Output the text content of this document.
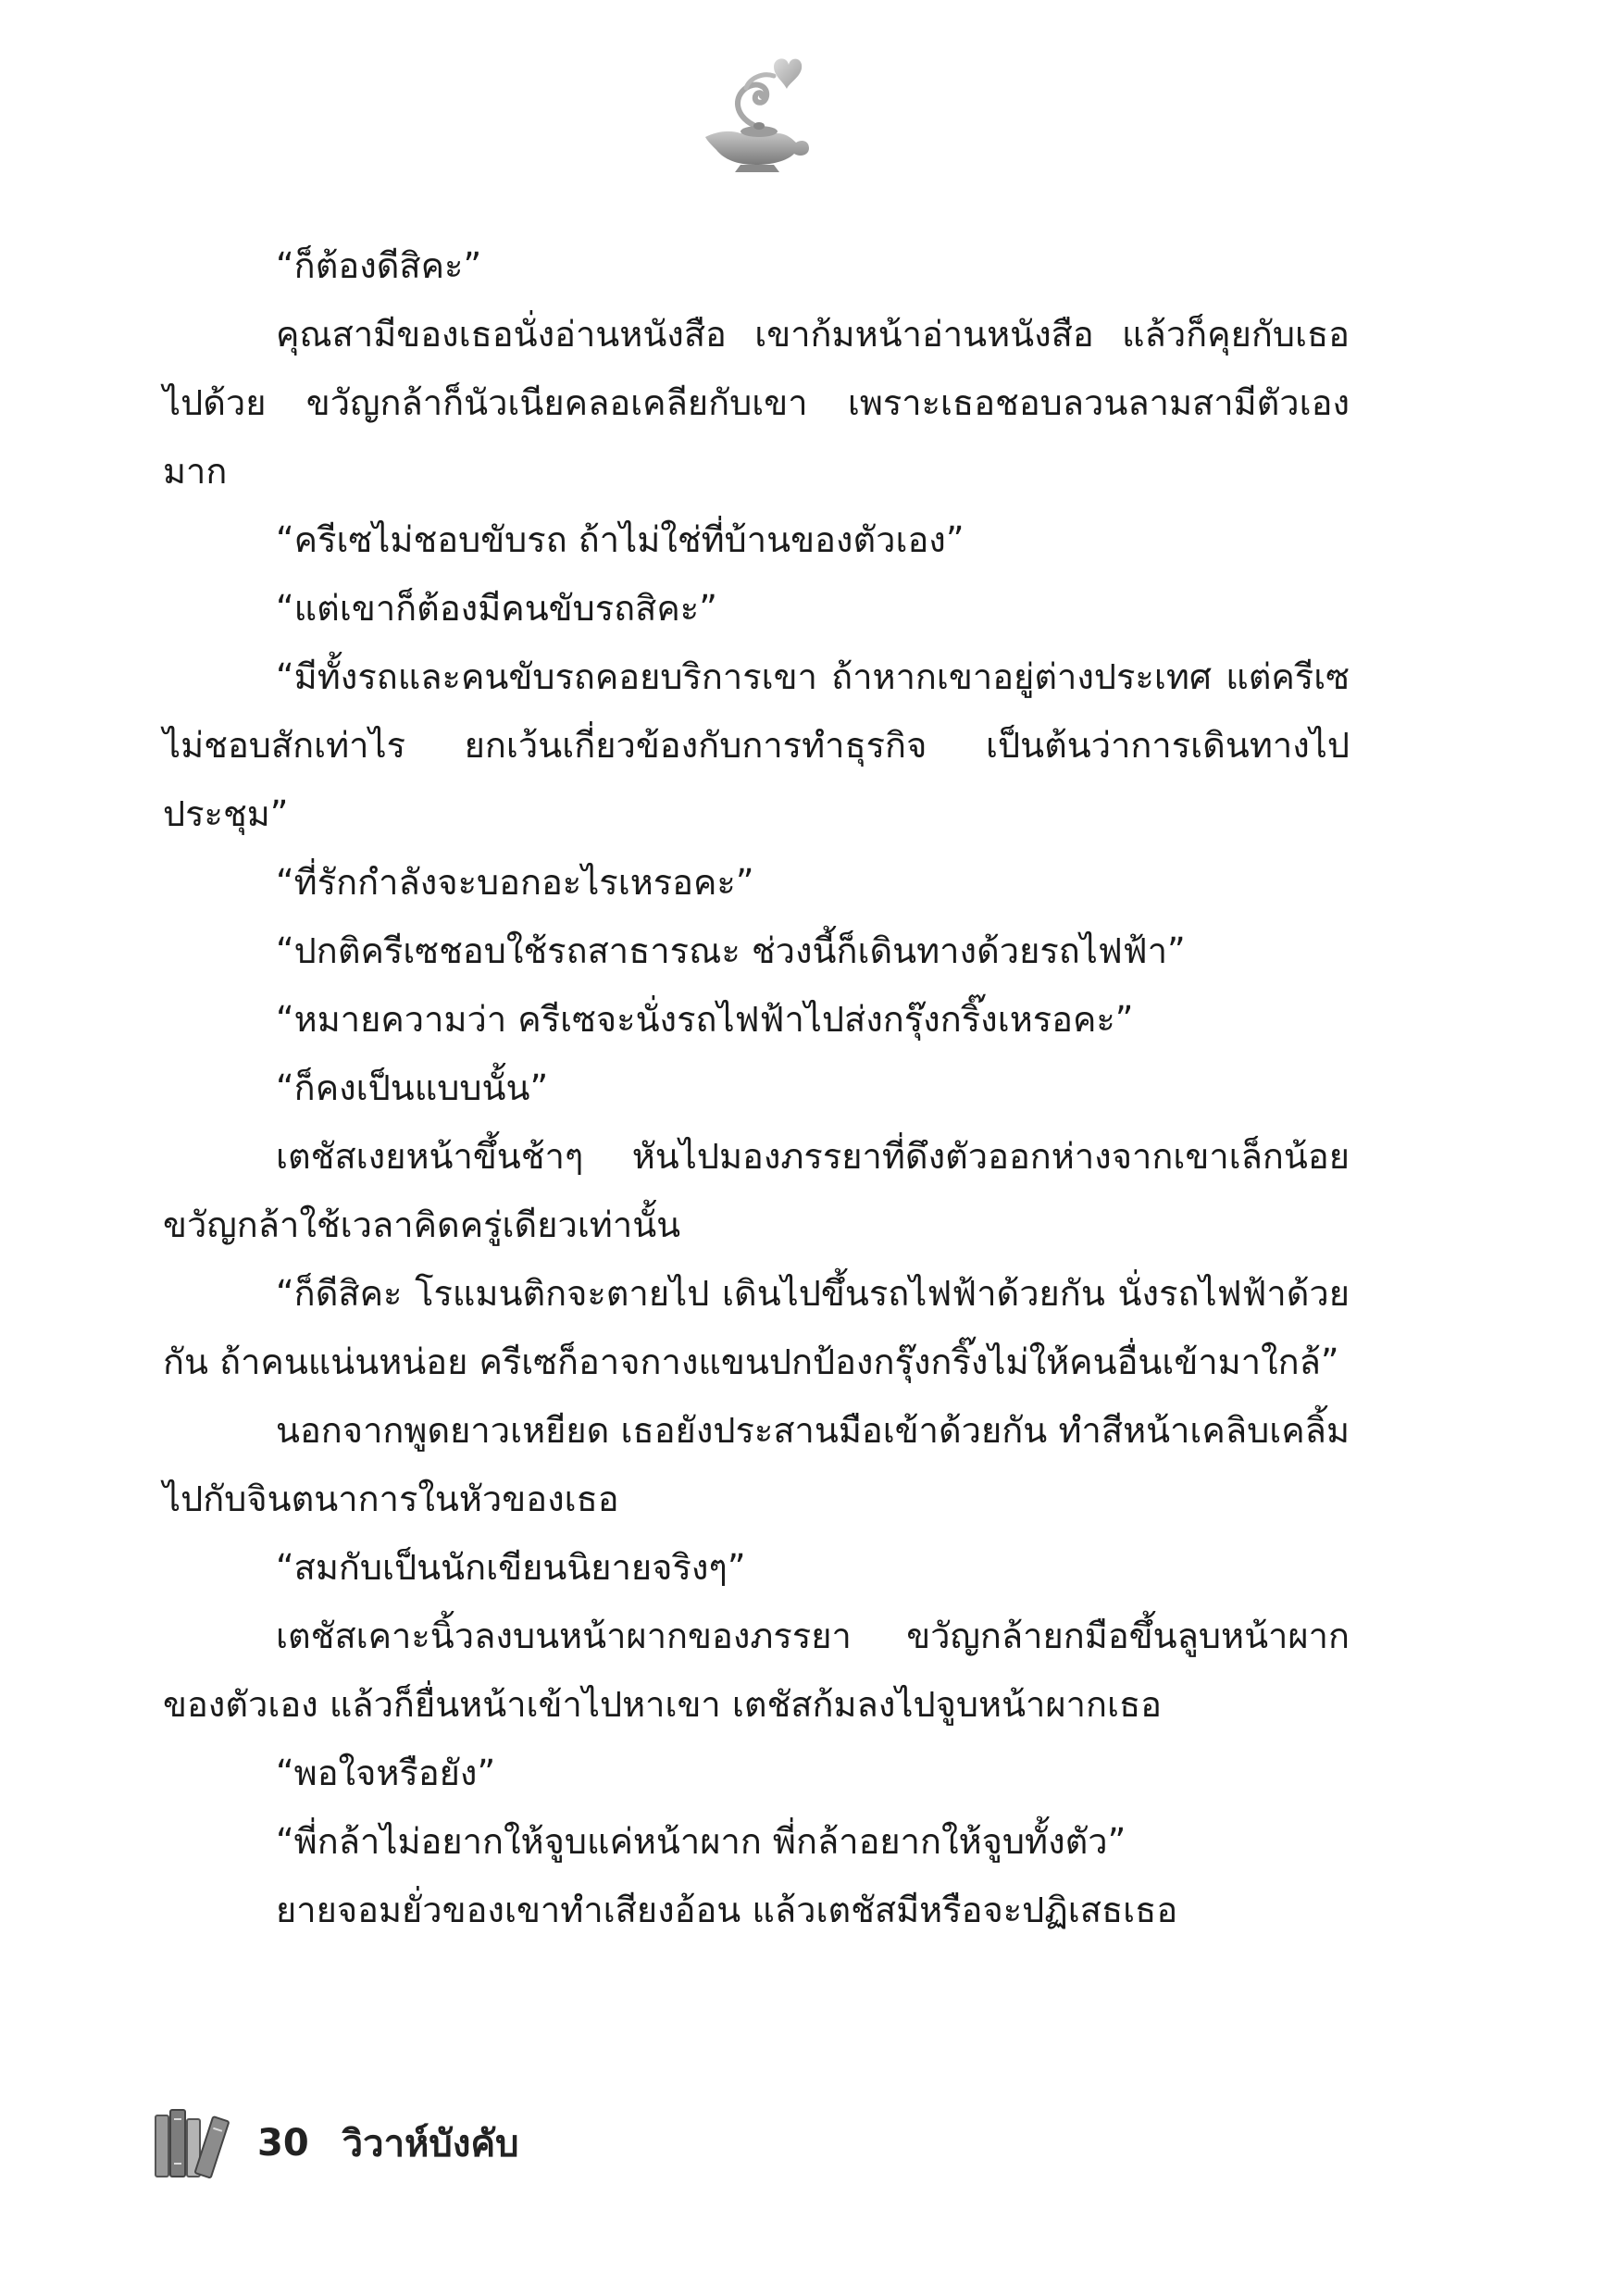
“ก็ต้องดีสิคะ”

คุณสามีของเธอนั่งอ่านหนังสือ เขาก้มหน้าอ่านหนังสือ แล้วก็คุยกับเธอไปด้วย ขวัญกล้าก็นัวเนียคลอเคลียกับเขา เพราะเธอชอบลวนลามสามีตัวเองมาก

“ครีเซไม่ชอบขับรถ ถ้าไม่ใช่ที่บ้านของตัวเอง”

“แต่เขาก็ต้องมีคนขับรถสิคะ”

“มีทั้งรถและคนขับรถคอยบริการเขา ถ้าหากเขาอยู่ต่างประเทศ แต่ครีเซไม่ชอบสักเท่าไร ยกเว้นเกี่ยวข้องกับการทำธุรกิจ เป็นต้นว่าการเดินทางไปประชุม”

“ที่รักกำลังจะบอกอะไรเหรอคะ”

“ปกติครีเซชอบใช้รถสาธารณะ ช่วงนี้ก็เดินทางด้วยรถไฟฟ้า”

“หมายความว่า ครีเซจะนั่งรถไฟฟ้าไปส่งกรุ๊งกริ๊งเหรอคะ”

“ก็คงเป็นแบบนั้น”

เตชัสเงยหน้าขึ้นช้าๆ หันไปมองภรรยาที่ดึงตัวออกห่างจากเขาเล็กน้อย ขวัญกล้าใช้เวลาคิดครู่เดียวเท่านั้น

“ก็ดีสิคะ โรแมนติกจะตายไป เดินไปขึ้นรถไฟฟ้าด้วยกัน นั่งรถไฟฟ้าด้วยกัน ถ้าคนแน่นหน่อย ครีเซก็อาจกางแขนปกป้องกรุ๊งกริ๊งไม่ให้คนอื่นเข้ามาใกล้”

นอกจากพูดยาวเหยียด เธอยังประสานมือเข้าด้วยกัน ทำสีหน้าเคลิบเคลิ้มไปกับจินตนาการในหัวของเธอ

“สมกับเป็นนักเขียนนิยายจริงๆ”

เตชัสเคาะนิ้วลงบนหน้าผากของภรรยา ขวัญกล้ายกมือขึ้นลูบหน้าผากของตัวเอง แล้วก็ยื่นหน้าเข้าไปหาเขา เตชัสก้มลงไปจูบหน้าผากเธอ

“พอใจหรือยัง”

“พี่กล้าไม่อยากให้จูบแค่หน้าผาก พี่กล้าอยากให้จูบทั้งตัว”

ยายจอมยั่วของเขาทำเสียงอ้อน แล้วเตชัสมีหรือจะปฏิเสธเธอ

30 วิวาห์บังคับ
